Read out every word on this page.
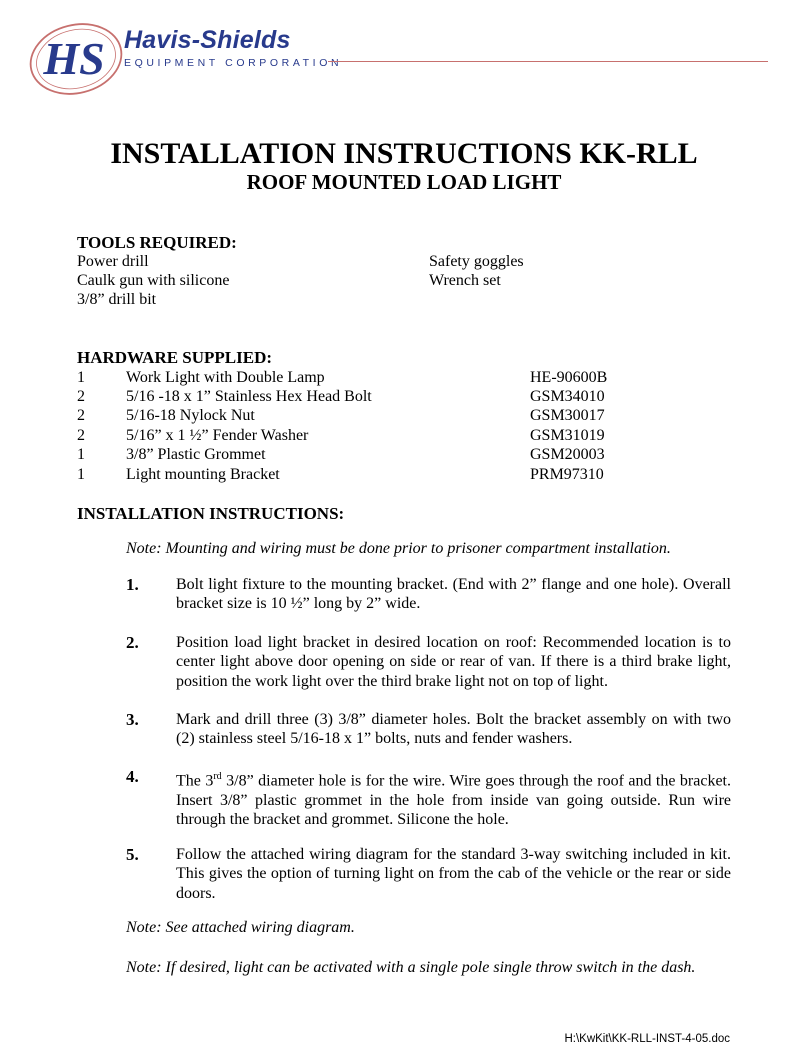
HS Havis-Shields
EQUIPMENT CORPORATION
INSTALLATION INSTRUCTIONS KK-RLL
ROOF MOUNTED LOAD LIGHT
TOOLS REQUIRED:
Power drill
Caulk gun with silicone
3/8” drill bit
Safety goggles
Wrench set
HARDWARE SUPPLIED:
1	Work Light with Double Lamp	HE-90600B
2	5/16 -18 x 1” Stainless Hex Head Bolt	GSM34010
2	5/16-18 Nylock Nut	GSM30017
2	5/16” x 1 ½” Fender Washer	GSM31019
1	3/8” Plastic Grommet	GSM20003
1	Light mounting Bracket	PRM97310
INSTALLATION INSTRUCTIONS:
Note: Mounting and wiring must be done prior to prisoner compartment installation.
1. Bolt light fixture to the mounting bracket. (End with 2” flange and one hole). Overall bracket size is 10 ½” long by 2” wide.
2. Position load light bracket in desired location on roof: Recommended location is to center light above door opening on side or rear of van. If there is a third brake light, position the work light over the third brake light not on top of light.
3. Mark and drill three (3) 3/8” diameter holes. Bolt the bracket assembly on with two (2) stainless steel 5/16-18 x 1” bolts, nuts and fender washers.
4. The 3rd 3/8” diameter hole is for the wire. Wire goes through the roof and the bracket. Insert 3/8” plastic grommet in the hole from inside van going outside. Run wire through the bracket and grommet. Silicone the hole.
5. Follow the attached wiring diagram for the standard 3-way switching included in kit. This gives the option of turning light on from the cab of the vehicle or the rear or side doors.
Note: See attached wiring diagram.
Note: If desired, light can be activated with a single pole single throw switch in the dash.
H:\KwKit\KK-RLL-INST-4-05.doc
